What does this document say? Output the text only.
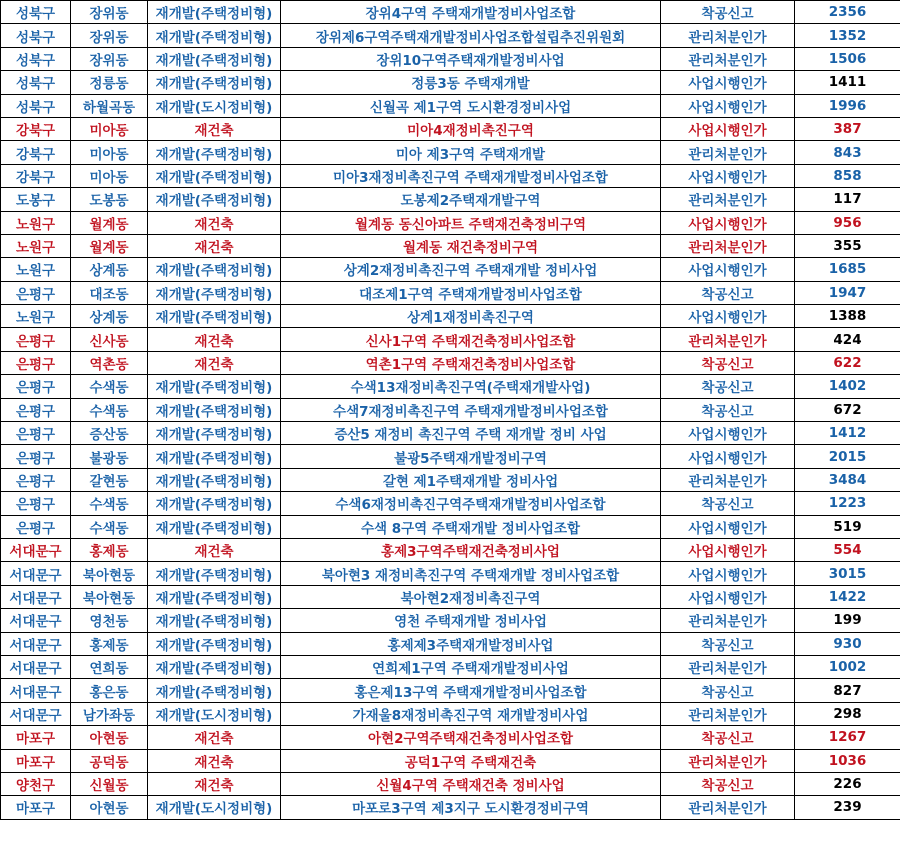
성북구	장위동	재개발(주택정비형)	장위4구역 주택재개발정비사업조합	착공신고	2356
성북구	장위동	재개발(주택정비형)	장위제6구역주택재개발정비사업조합설립추진위원회	관리처분인가	1352
성북구	장위동	재개발(주택정비형)	장위10구역주택재개발정비사업	관리처분인가	1506
성북구	정릉동	재개발(주택정비형)	정릉3동 주택재개발	사업시행인가	1411
성북구	하월곡동	재개발(도시정비형)	신월곡 제1구역 도시환경정비사업	사업시행인가	1996
강북구	미아동	재건축	미아4재정비촉진구역	사업시행인가	387
강북구	미아동	재개발(주택정비형)	미아 제3구역 주택재개발	관리처분인가	843
강북구	미아동	재개발(주택정비형)	미아3재정비촉진구역 주택재개발정비사업조합	사업시행인가	858
도봉구	도봉동	재개발(주택정비형)	도봉제2주택재개발구역	관리처분인가	117
노원구	월계동	재건축	월계동 동신아파트 주택재건축정비구역	사업시행인가	956
노원구	월계동	재건축	월계동 재건축정비구역	관리처분인가	355
노원구	상계동	재개발(주택정비형)	상계2재정비촉진구역 주택재개발 정비사업	사업시행인가	1685
은평구	대조동	재개발(주택정비형)	대조제1구역 주택재개발정비사업조합	착공신고	1947
노원구	상계동	재개발(주택정비형)	상계1재정비촉진구역	사업시행인가	1388
은평구	신사동	재건축	신사1구역 주택재건축정비사업조합	관리처분인가	424
은평구	역촌동	재건축	역촌1구역 주택재건축정비사업조합	착공신고	622
은평구	수색동	재개발(주택정비형)	수색13재정비촉진구역(주택재개발사업)	착공신고	1402
은평구	수색동	재개발(주택정비형)	수색7재정비촉진구역 주택재개발정비사업조합	착공신고	672
은평구	증산동	재개발(주택정비형)	증산5 재정비 촉진구역 주택 재개발 정비 사업	사업시행인가	1412
은평구	불광동	재개발(주택정비형)	불광5주택재개발정비구역	사업시행인가	2015
은평구	갈현동	재개발(주택정비형)	갈현 제1주택재개발 정비사업	관리처분인가	3484
은평구	수색동	재개발(주택정비형)	수색6재정비촉진구역주택재개발정비사업조합	착공신고	1223
은평구	수색동	재개발(주택정비형)	수색 8구역 주택재개발 정비사업조합	사업시행인가	519
서대문구	홍제동	재건축	홍제3구역주택재건축정비사업	사업시행인가	554
서대문구	북아현동	재개발(주택정비형)	북아현3 재정비촉진구역 주택재개발 정비사업조합	사업시행인가	3015
서대문구	북아현동	재개발(주택정비형)	북아현2재정비촉진구역	사업시행인가	1422
서대문구	영천동	재개발(주택정비형)	영천 주택재개발 정비사업	관리처분인가	199
서대문구	홍제동	재개발(주택정비형)	홍제제3주택재개발정비사업	착공신고	930
서대문구	연희동	재개발(주택정비형)	연희제1구역 주택재개발정비사업	관리처분인가	1002
서대문구	홍은동	재개발(주택정비형)	홍은제13구역 주택재개발정비사업조합	착공신고	827
서대문구	남가좌동	재개발(도시정비형)	가재울8재정비촉진구역 재개발정비사업	관리처분인가	298
마포구	아현동	재건축	아현2구역주택재건축정비사업조합	착공신고	1267
마포구	공덕동	재건축	공덕1구역 주택재건축	관리처분인가	1036
양천구	신월동	재건축	신월4구역 주택재건축 정비사업	착공신고	226
마포구	아현동	재개발(도시정비형)	마포로3구역 제3지구 도시환경정비구역	관리처분인가	239
